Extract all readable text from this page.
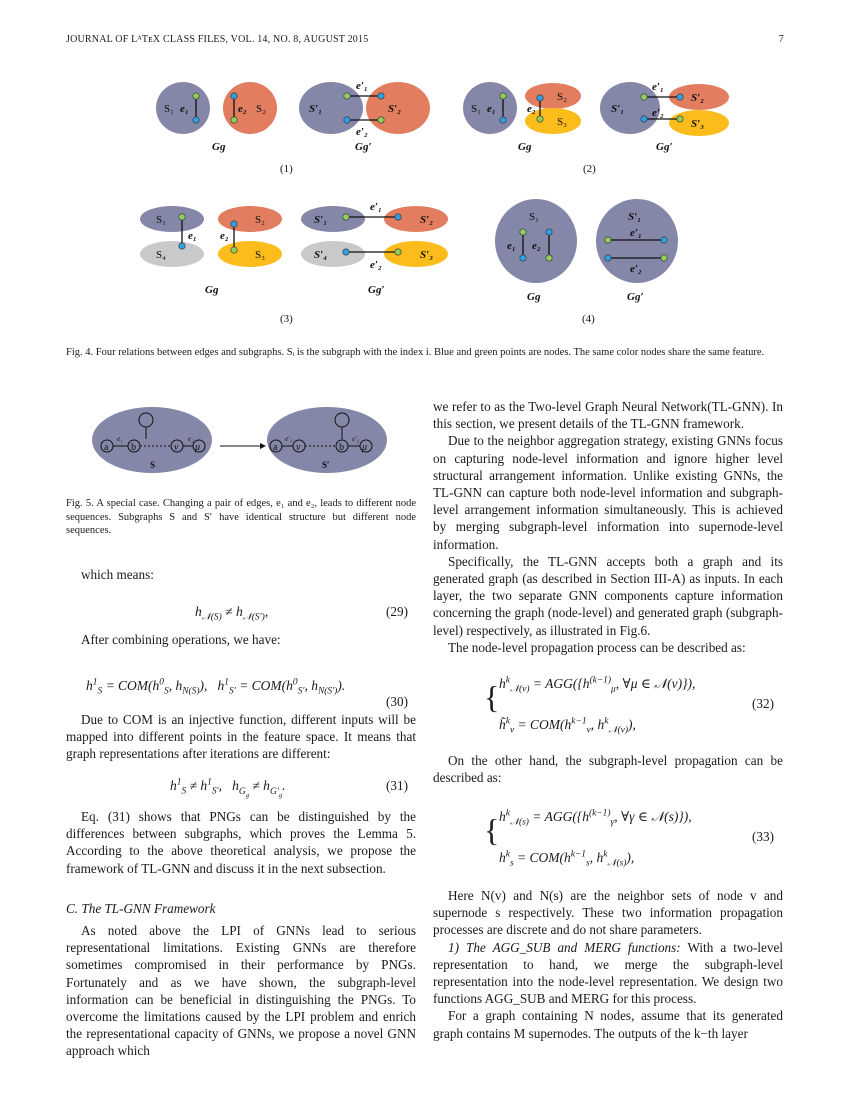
JOURNAL OF LᴬTᴇX CLASS FILES, VOL. 14, NO. 8, AUGUST 2015	7
S₁ e₁	S₂
e₂
Gg
S′₁	S′₂
e′₁
e′₂
Gg′
(1)
S₁ e₁	e₂
S₂
S₃
Gg
S′₁
e′₁
e′₂
S′₂
S′₃
Gg′
(2)
S₁
S₄
S₂
S₃
e₁ e₂
Gg
S′₁
S′₄
S′₂
S′₃
e′₁
e′₂
Gg′
(3)
S₁
e₁ e₂
Gg
S′₁
e′₁
e′₂
Gg′
(4)
Fig. 4. Four relations between edges and subgraphs. Sᵢ is the subgraph with the index i. Blue and green points are nodes. The same color nodes share the same feature.
a b	v μ
e₁	e₂
S
a v	b μ
e′₁	e′₂
S′
Fig. 5. A special case. Changing a pair of edges, e₁ and e₂, leads to different node sequences. Subgraphs S and S′ have identical structure but different node sequences.

which means:

$h_{𝒩(S)} \ne h_{𝒩(S')}$,	(29)

After combining operations, we have:

$h^1_S = COM(h^0_S$, $h_{N(S)}$),   $h^1_{S'} = COM(h^0_{S'}$, $h_{N(S')}$).
(30)

Due to COM is an injective function, different inputs will be mapped into different points in the feature space. It means that graph representations after iterations are different:

$h^1_S \ne h^1_{S'}$,   $h_{G_g} \ne h_{G'_g}$.	(31)

Eq. (31) shows that PNGs can be distinguished by the differences between subgraphs, which proves the Lemma 5. According to the above theoretical analysis, we propose the framework of TL-GNN and discuss it in the next subsection.

C. The TL-GNN Framework

As noted above the LPI of GNNs lead to serious representational limitations. Existing GNNs are therefore sometimes compromised in their performance by PNGs. Fortunately and as we have shown, the subgraph-level information can be beneficial in distinguishing the PNGs. To overcome the limitations caused by the LPI problem and enrich the representational capacity of GNNs, we propose a novel GNN approach which

we refer to as the Two-level Graph Neural Network(TL-GNN). In this section, we present details of the TL-GNN framework.

Due to the neighbor aggregation strategy, existing GNNs focus on capturing node-level information and ignore higher level structural arrangement information. Unlike existing GNNs, the TL-GNN can capture both node-level information and subgraph-level arrangement information simultaneously. This is achieved by merging subgraph-level information into supernode-level information.

Specifically, the TL-GNN accepts both a graph and its generated graph (as described in Section III-A) as inputs. In each layer, the two separate GNN components capture information concerning the graph (node-level) and generated graph (subgraph-level) respectively, as illustrated in Fig.6.

The node-level propagation process can be described as:

{ $h^k_{𝒩(v)} = AGG(\{h^{(k-1)}_\mu$, ∀μ ∈ 𝒩(v)}),
h̃$^k_v$ = $COM(h^{k-1}_v$, $h^k_{𝒩(v)}$),
(32)

On the other hand, the subgraph-level propagation can be described as:

{ $h^k_{𝒩(s)} = AGG(\{h^{(k-1)}_\gamma$, ∀γ ∈ 𝒩(s)}),
$h^k_s = COM(h^{k-1}_s$, $h^k_{𝒩(s)}$),
(33)

Here N(v) and N(s) are the neighbor sets of node v and supernode s respectively. These two information propagation processes are discrete and do not share parameters.

1) The AGG_SUB and MERG functions: With a two-level representation to hand, we merge the subgraph-level representation into the node-level representation. We design two functions AGG_SUB and MERG for this process.

For a graph containing N nodes, assume that its generated graph contains M supernodes. The outputs of the k−th layer
